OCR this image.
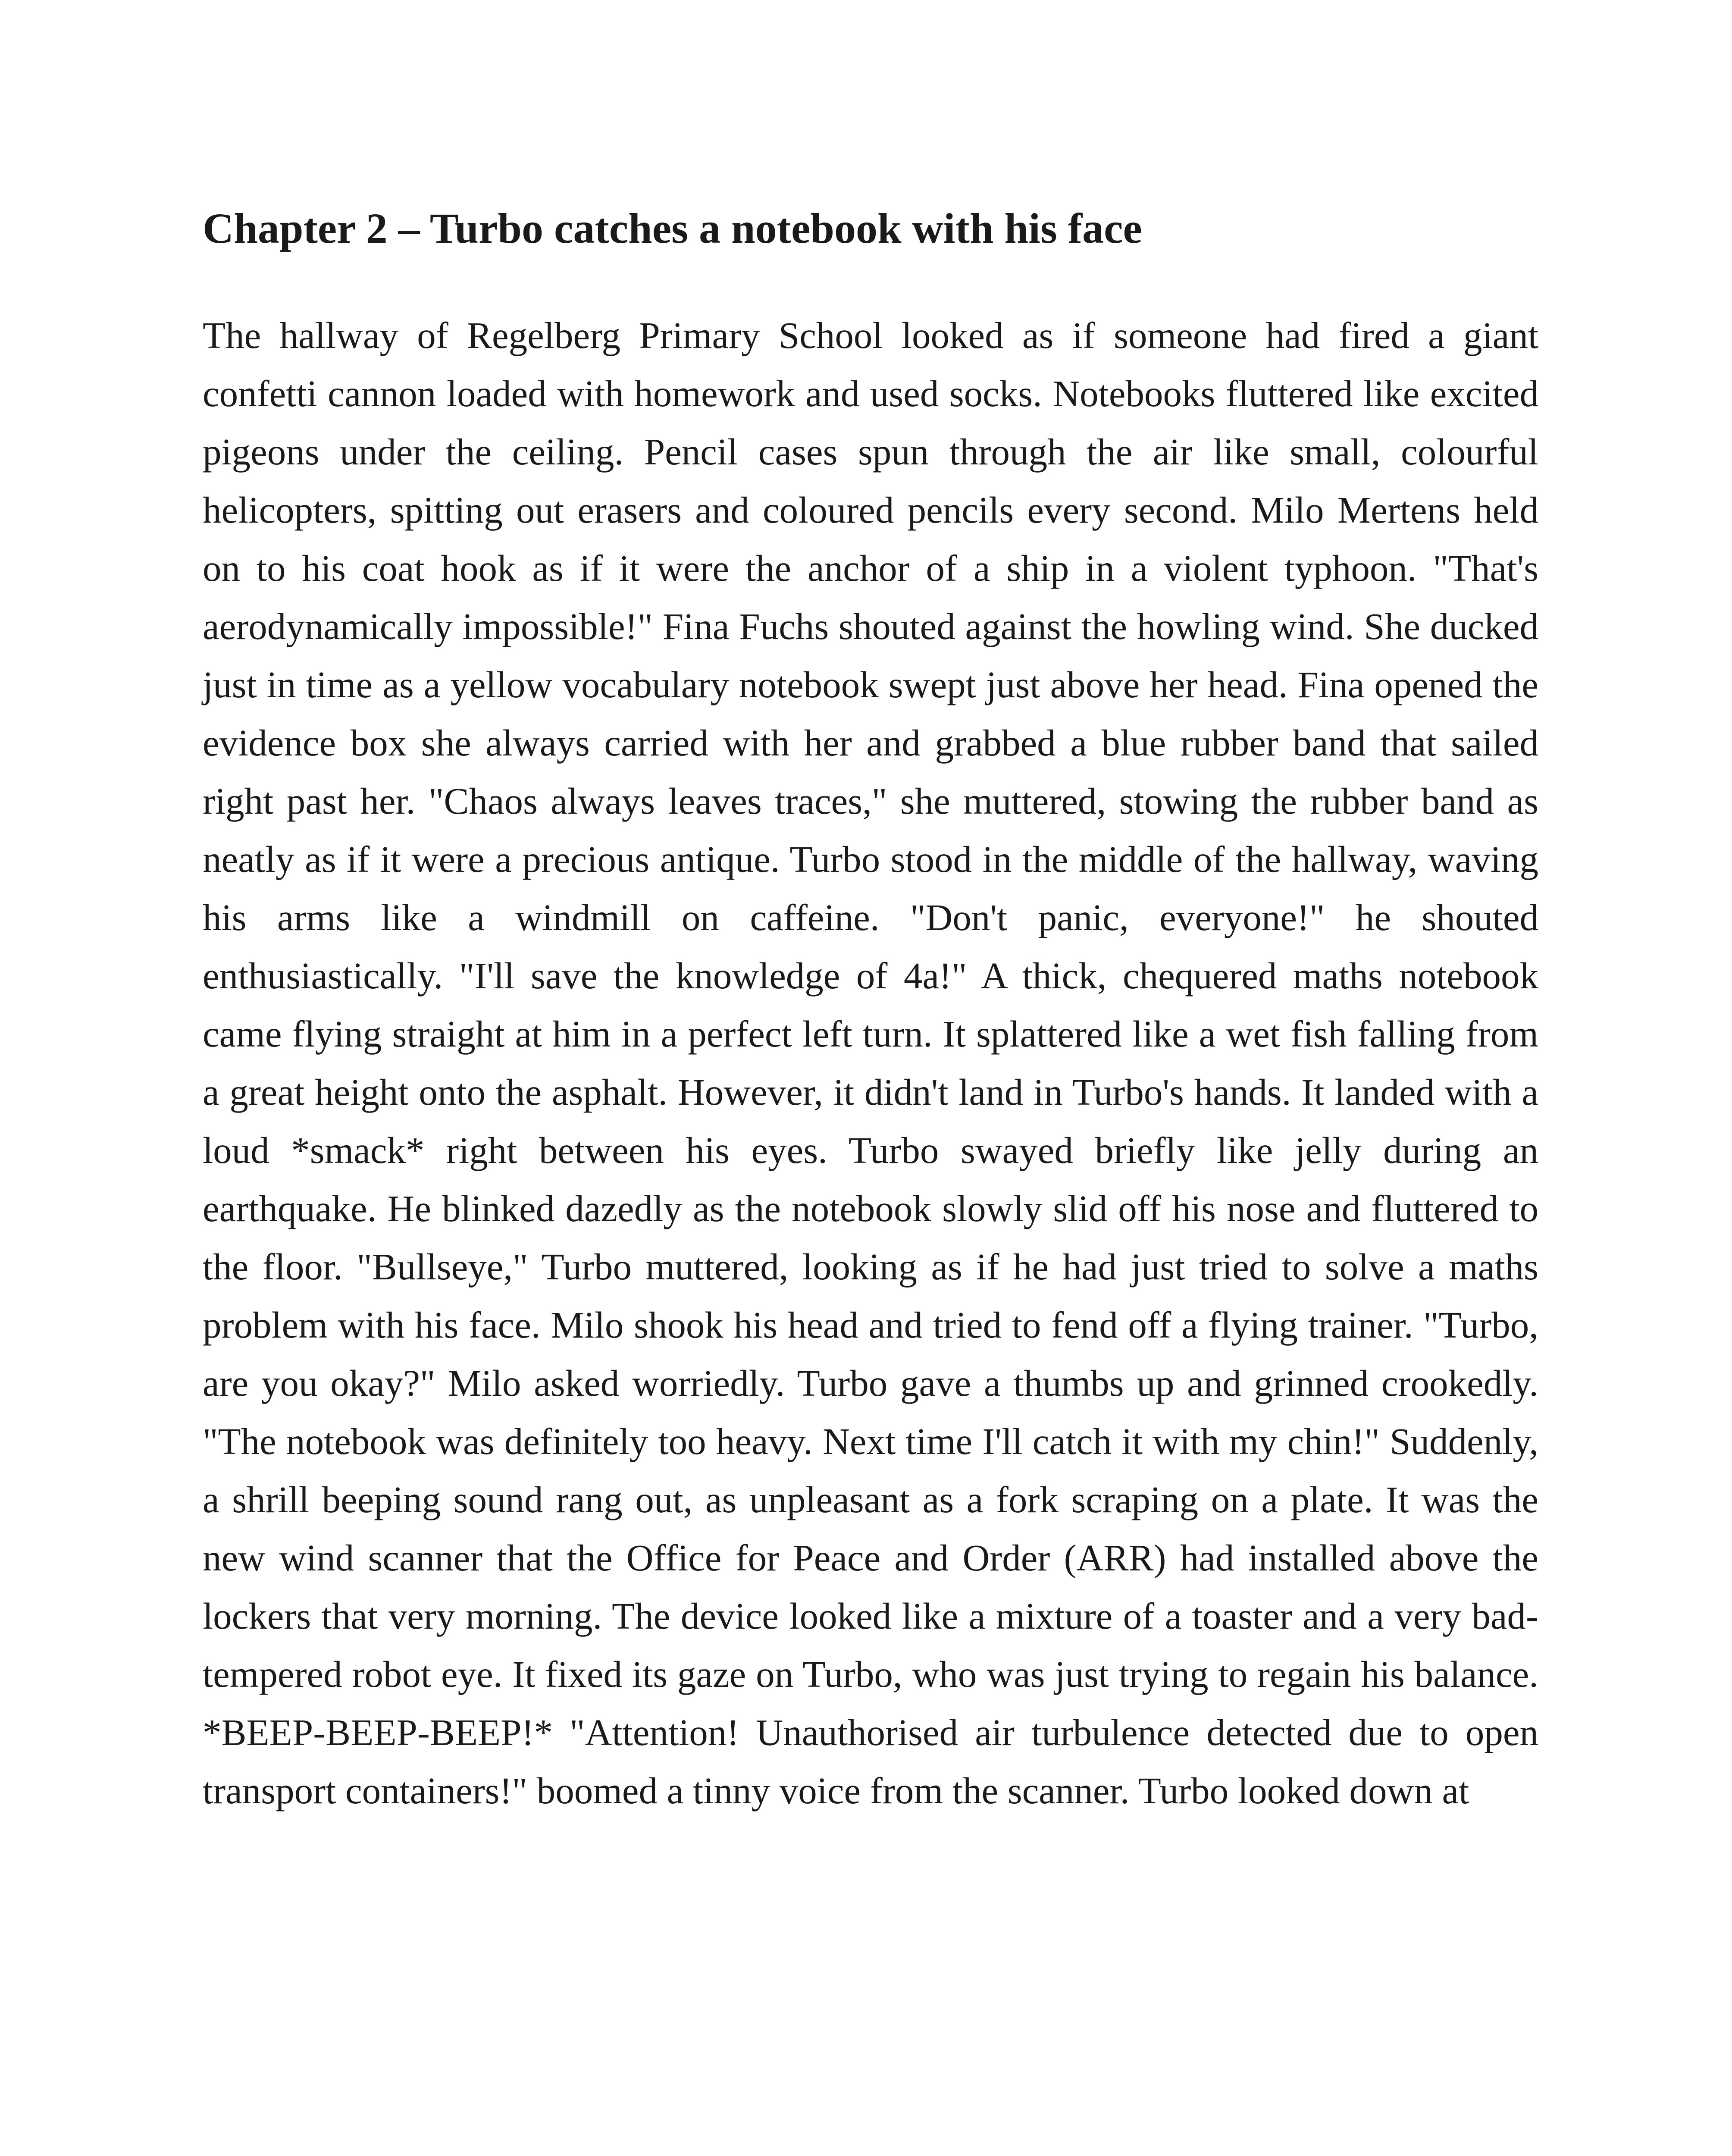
Chapter 2 – Turbo catches a notebook with his face

The hallway of Regelberg Primary School looked as if someone had fired a giant confetti cannon loaded with homework and used socks. Notebooks fluttered like excited pigeons under the ceiling. Pencil cases spun through the air like small, colourful helicopters, spitting out erasers and coloured pencils every second. Milo Mertens held on to his coat hook as if it were the anchor of a ship in a violent typhoon. "That's aerodynamically impossible!" Fina Fuchs shouted against the howling wind. She ducked just in time as a yellow vocabulary notebook swept just above her head. Fina opened the evidence box she always carried with her and grabbed a blue rubber band that sailed right past her. "Chaos always leaves traces," she muttered, stowing the rubber band as neatly as if it were a precious antique. Turbo stood in the middle of the hallway, waving his arms like a windmill on caffeine. "Don't panic, everyone!" he shouted enthusiastically. "I'll save the knowledge of 4a!" A thick, chequered maths notebook came flying straight at him in a perfect left turn. It splattered like a wet fish falling from a great height onto the asphalt. However, it didn't land in Turbo's hands. It landed with a loud *smack* right between his eyes. Turbo swayed briefly like jelly during an earthquake. He blinked dazedly as the notebook slowly slid off his nose and fluttered to the floor. "Bullseye," Turbo muttered, looking as if he had just tried to solve a maths problem with his face. Milo shook his head and tried to fend off a flying trainer. "Turbo, are you okay?" Milo asked worriedly. Turbo gave a thumbs up and grinned crookedly. "The notebook was definitely too heavy. Next time I'll catch it with my chin!" Suddenly, a shrill beeping sound rang out, as unpleasant as a fork scraping on a plate. It was the new wind scanner that the Office for Peace and Order (ARR) had installed above the lockers that very morning. The device looked like a mixture of a toaster and a very bad-tempered robot eye. It fixed its gaze on Turbo, who was just trying to regain his balance. *BEEP-BEEP-BEEP!* "Attention! Unauthorised air turbulence detected due to open transport containers!" boomed a tinny voice from the scanner. Turbo looked down at
